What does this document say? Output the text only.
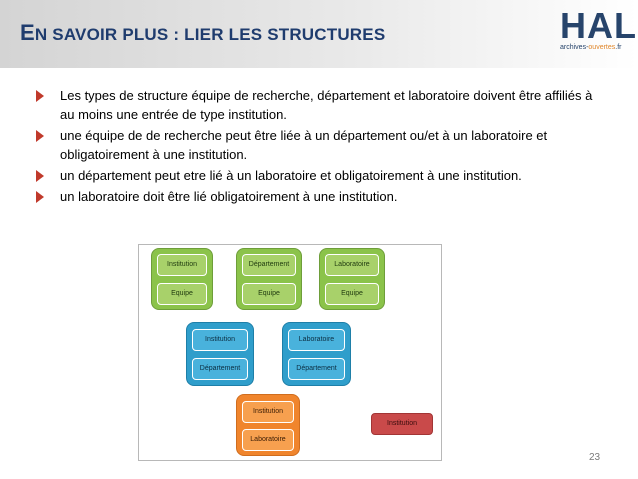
EN SAVOIR PLUS : LIER LES STRUCTURES	HAL
archives-ouvertes.fr
Les types de structure équipe de recherche, département et laboratoire doivent être affiliés à au moins une entrée de type institution.
une équipe de de recherche peut être liée à un département ou/et à un laboratoire et obligatoirement à une institution.
un département peut etre lié à un laboratoire et obligatoirement à une institution.
un laboratoire doit être lié obligatoirement à une institution.
Institution
Equipe
Département
Equipe
Laboratoire
Equipe
Institution
Département
Laboratoire
Département
Institution
Laboratoire
Institution
23
